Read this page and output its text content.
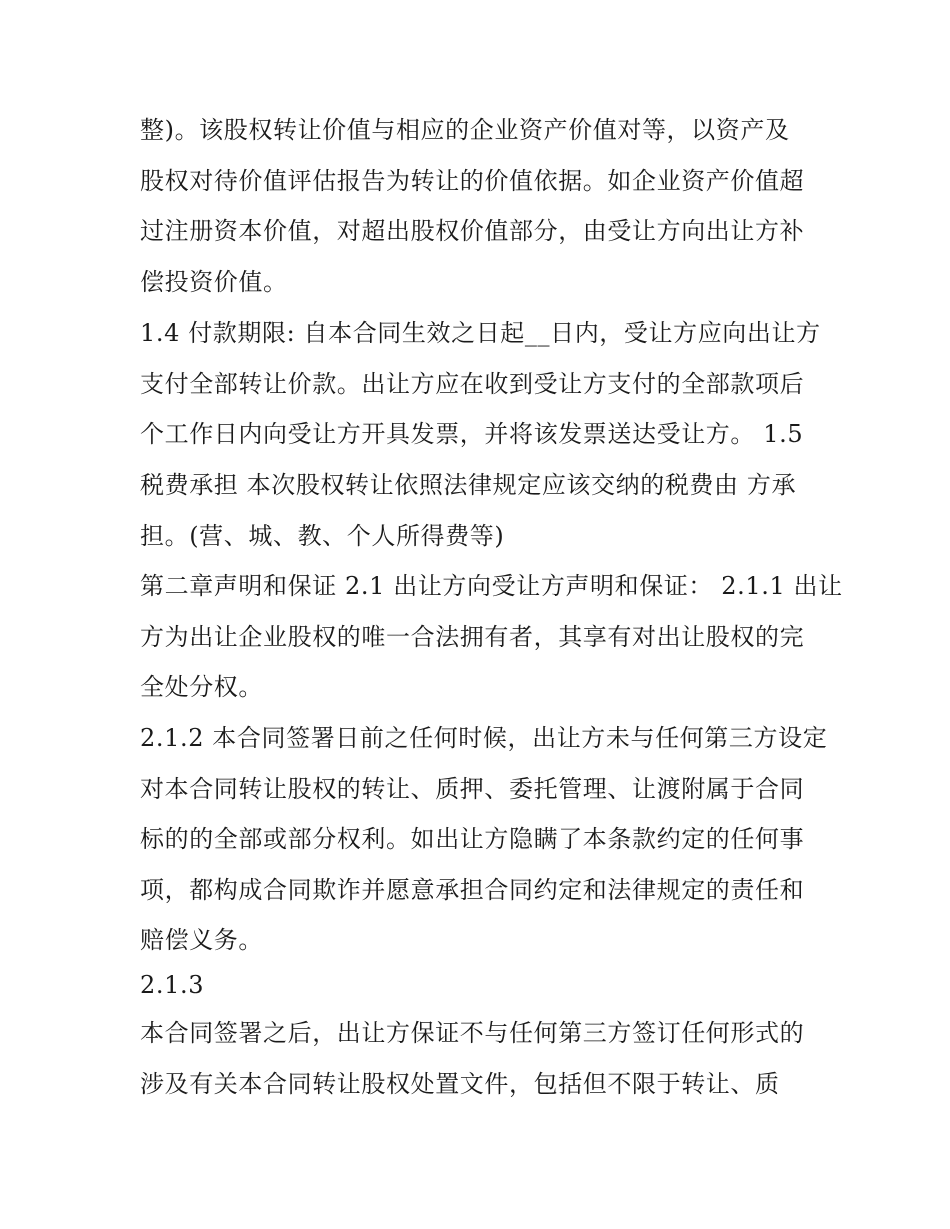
整)。该股权转让价值与相应的企业资产价值对等，以资产及
股权对待价值评估报告为转让的价值依据。如企业资产价值超
过注册资本价值，对超出股权价值部分，由受让方向出让方补
偿投资价值。
1.4 付款期限: 自本合同生效之日起__日内，受让方应向出让方
支付全部转让价款。出让方应在收到受让方支付的全部款项后
个工作日内向受让方开具发票，并将该发票送达受让方。 1.5
税费承担 本次股权转让依照法律规定应该交纳的税费由 方承
担。(营、城、教、个人所得费等)
第二章声明和保证 2.1 出让方向受让方声明和保证： 2.1.1 出让
方为出让企业股权的唯一合法拥有者，其享有对出让股权的完
全处分权。
2.1.2 本合同签署日前之任何时候，出让方未与任何第三方设定
对本合同转让股权的转让、质押、委托管理、让渡附属于合同
标的的全部或部分权利。如出让方隐瞒了本条款约定的任何事
项，都构成合同欺诈并愿意承担合同约定和法律规定的责任和
赔偿义务。
2.1.3
本合同签署之后，出让方保证不与任何第三方签订任何形式的
涉及有关本合同转让股权处置文件，包括但不限于转让、质
